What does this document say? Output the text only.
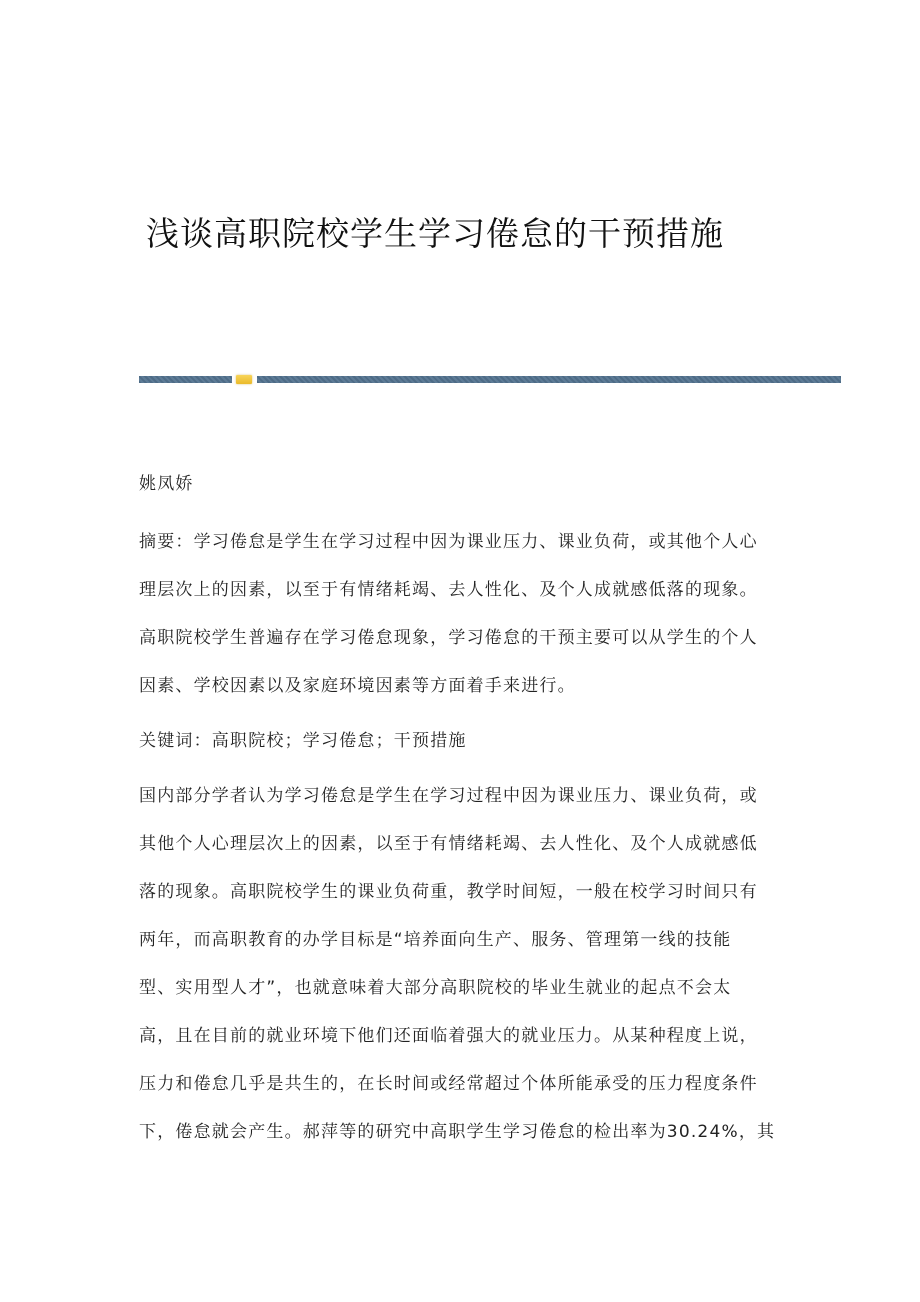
浅谈高职院校学生学习倦怠的干预措施

姚凤娇

摘要：学习倦怠是学生在学习过程中因为课业压力、课业负荷，或其他个人心

理层次上的因素，以至于有情绪耗竭、去人性化、及个人成就感低落的现象。

高职院校学生普遍存在学习倦怠现象，学习倦怠的干预主要可以从学生的个人

因素、学校因素以及家庭环境因素等方面着手来进行。

关键词：高职院校；学习倦怠；干预措施

国内部分学者认为学习倦怠是学生在学习过程中因为课业压力、课业负荷，或

其他个人心理层次上的因素，以至于有情绪耗竭、去人性化、及个人成就感低

落的现象。高职院校学生的课业负荷重，教学时间短，一般在校学习时间只有

两年，而高职教育的办学目标是“培养面向生产、服务、管理第一线的技能

型、实用型人才”，也就意味着大部分高职院校的毕业生就业的起点不会太

高，且在目前的就业环境下他们还面临着强大的就业压力。从某种程度上说，

压力和倦怠几乎是共生的，在长时间或经常超过个体所能承受的压力程度条件

下，倦怠就会产生。郝萍等的研究中高职学生学习倦怠的检出率为30.24%，其
